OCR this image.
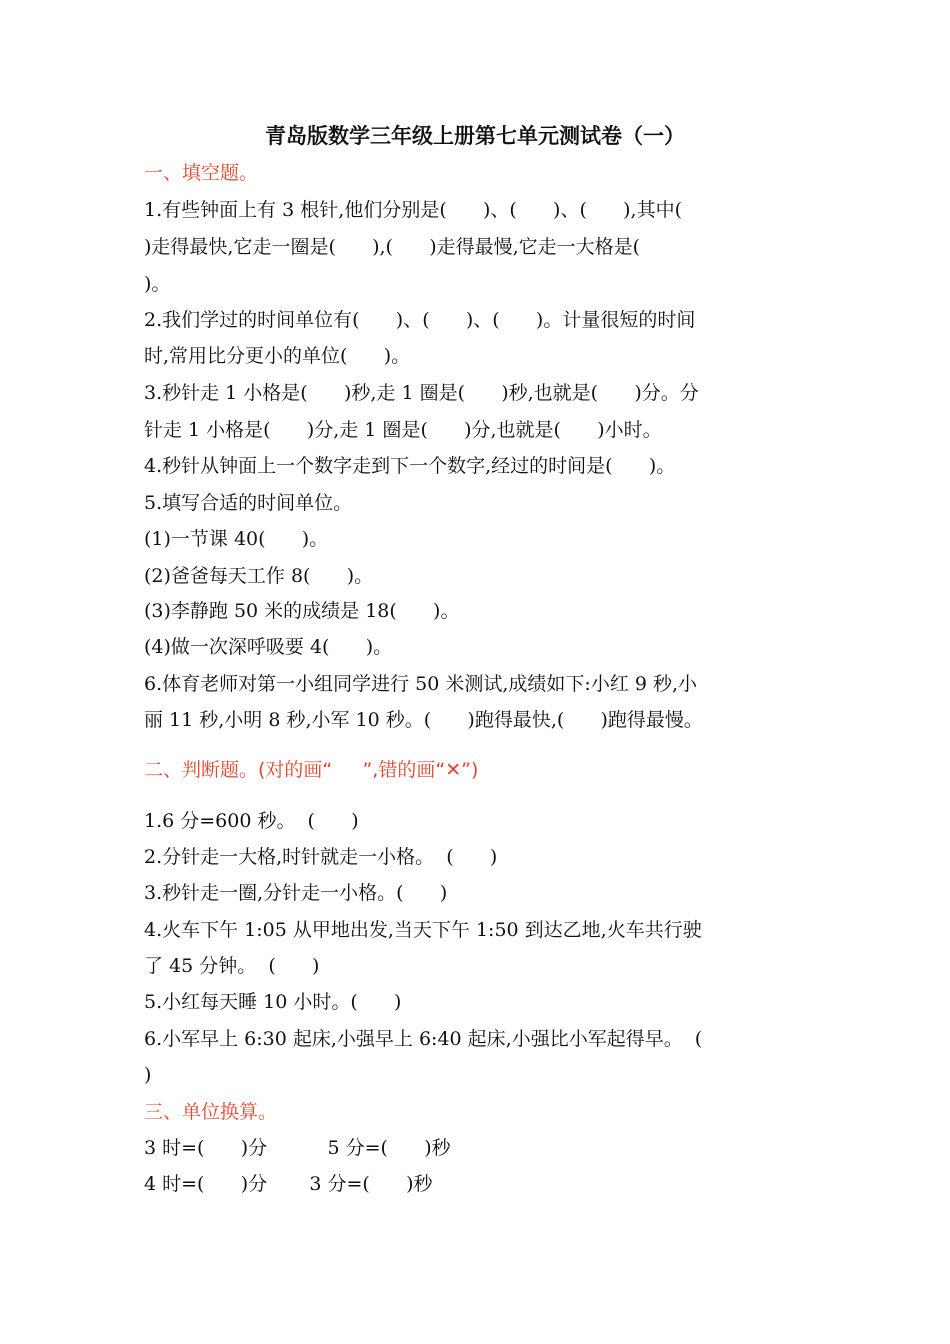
青岛版数学三年级上册第七单元测试卷（一）
一、填空题。
1.有些钟面上有 3 根针,他们分别是(      )、(      )、(      ),其中(
)走得最快,它走一圈是(      ),(      )走得最慢,它走一大格是(
)。
2.我们学过的时间单位有(      )、(      )、(      )。计量很短的时间
时,常用比分更小的单位(      )。
3.秒针走 1 小格是(      )秒,走 1 圈是(      )秒,也就是(      )分。分
针走 1 小格是(      )分,走 1 圈是(      )分,也就是(      )小时。
4.秒针从钟面上一个数字走到下一个数字,经过的时间是(      )。
5.填写合适的时间单位。
(1)一节课 40(      )。
(2)爸爸每天工作 8(      )。
(3)李静跑 50 米的成绩是 18(      )。
(4)做一次深呼吸要 4(      )。
6.体育老师对第一小组同学进行 50 米测试,成绩如下:小红 9 秒,小
丽 11 秒,小明 8 秒,小军 10 秒。(      )跑得最快,(      )跑得最慢。
二、判断题。(对的画“     ”,错的画“✕”)
1.6 分=600 秒。  (      )
2.分针走一大格,时针就走一小格。  (      )
3.秒针走一圈,分针走一小格。(      )
4.火车下午 1:05 从甲地出发,当天下午 1:50 到达乙地,火车共行驶
了 45 分钟。  (      )
5.小红每天睡 10 小时。(      )
6.小军早上 6:30 起床,小强早上 6:40 起床,小强比小军起得早。  (
)
三、单位换算。
3 时=(      )分          5 分=(      )秒
4 时=(      )分       3 分=(      )秒
